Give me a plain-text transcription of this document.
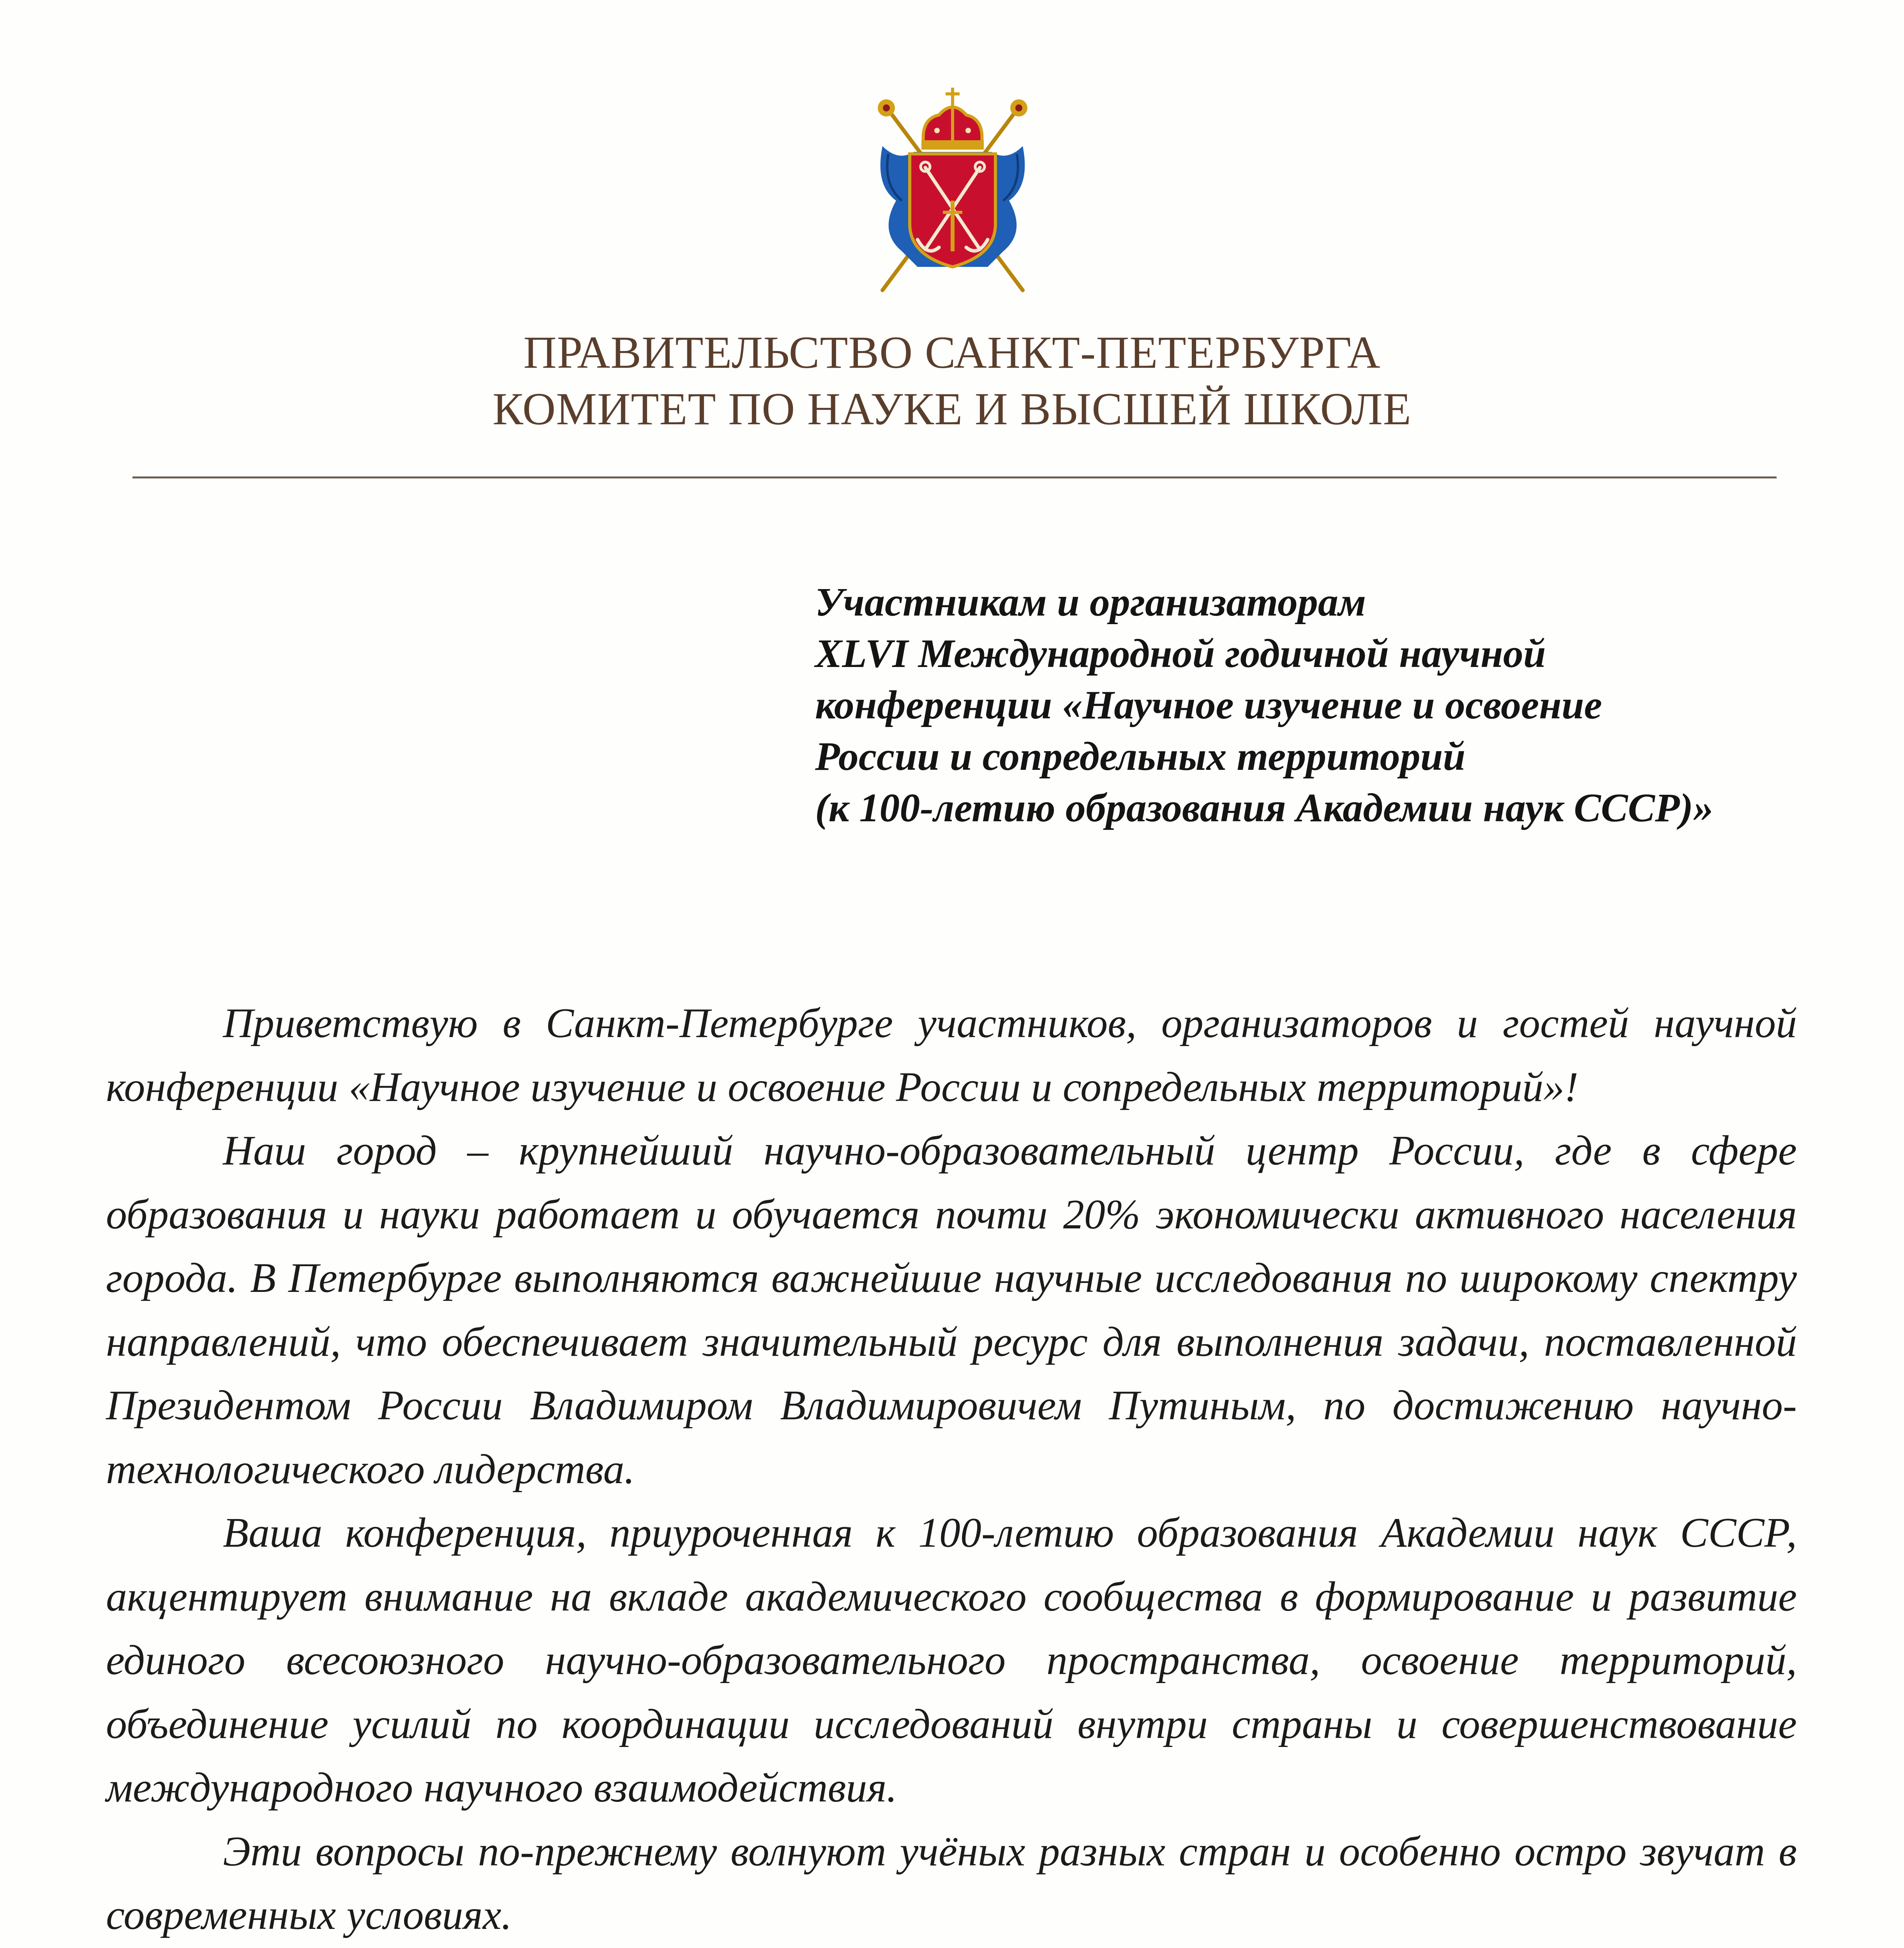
ПРАВИТЕЛЬСТВО САНКТ-ПЕТЕРБУРГА
КОМИТЕТ ПО НАУКЕ И ВЫСШЕЙ ШКОЛЕ
Участникам и организаторам
XLVI Международной годичной научной
конференции «Научное изучение и освоение
России и сопредельных территорий
(к 100-летию образования Академии наук СССР)»

Приветствую в Санкт-Петербурге участников, организаторов и гостей научной конференции «Научное изучение и освоение России и сопредельных территорий»!

Наш город – крупнейший научно-образовательный центр России, где в сфере образования и науки работает и обучается почти 20% экономически активного населения города. В Петербурге выполняются важнейшие научные исследования по широкому спектру направлений, что обеспечивает значительный ресурс для выполнения задачи, поставленной Президентом России Владимиром Владимировичем Путиным, по достижению научно-технологического лидерства.

Ваша конференция, приуроченная к 100-летию образования Академии наук СССР, акцентирует внимание на вкладе академического сообщества в формирование и развитие единого всесоюзного научно-образовательного пространства, освоение территорий, объединение усилий по координации исследований внутри страны и совершенствование международного научного взаимодействия.

Эти вопросы по-прежнему волнуют учёных разных стран и особенно остро звучат в современных условиях.
